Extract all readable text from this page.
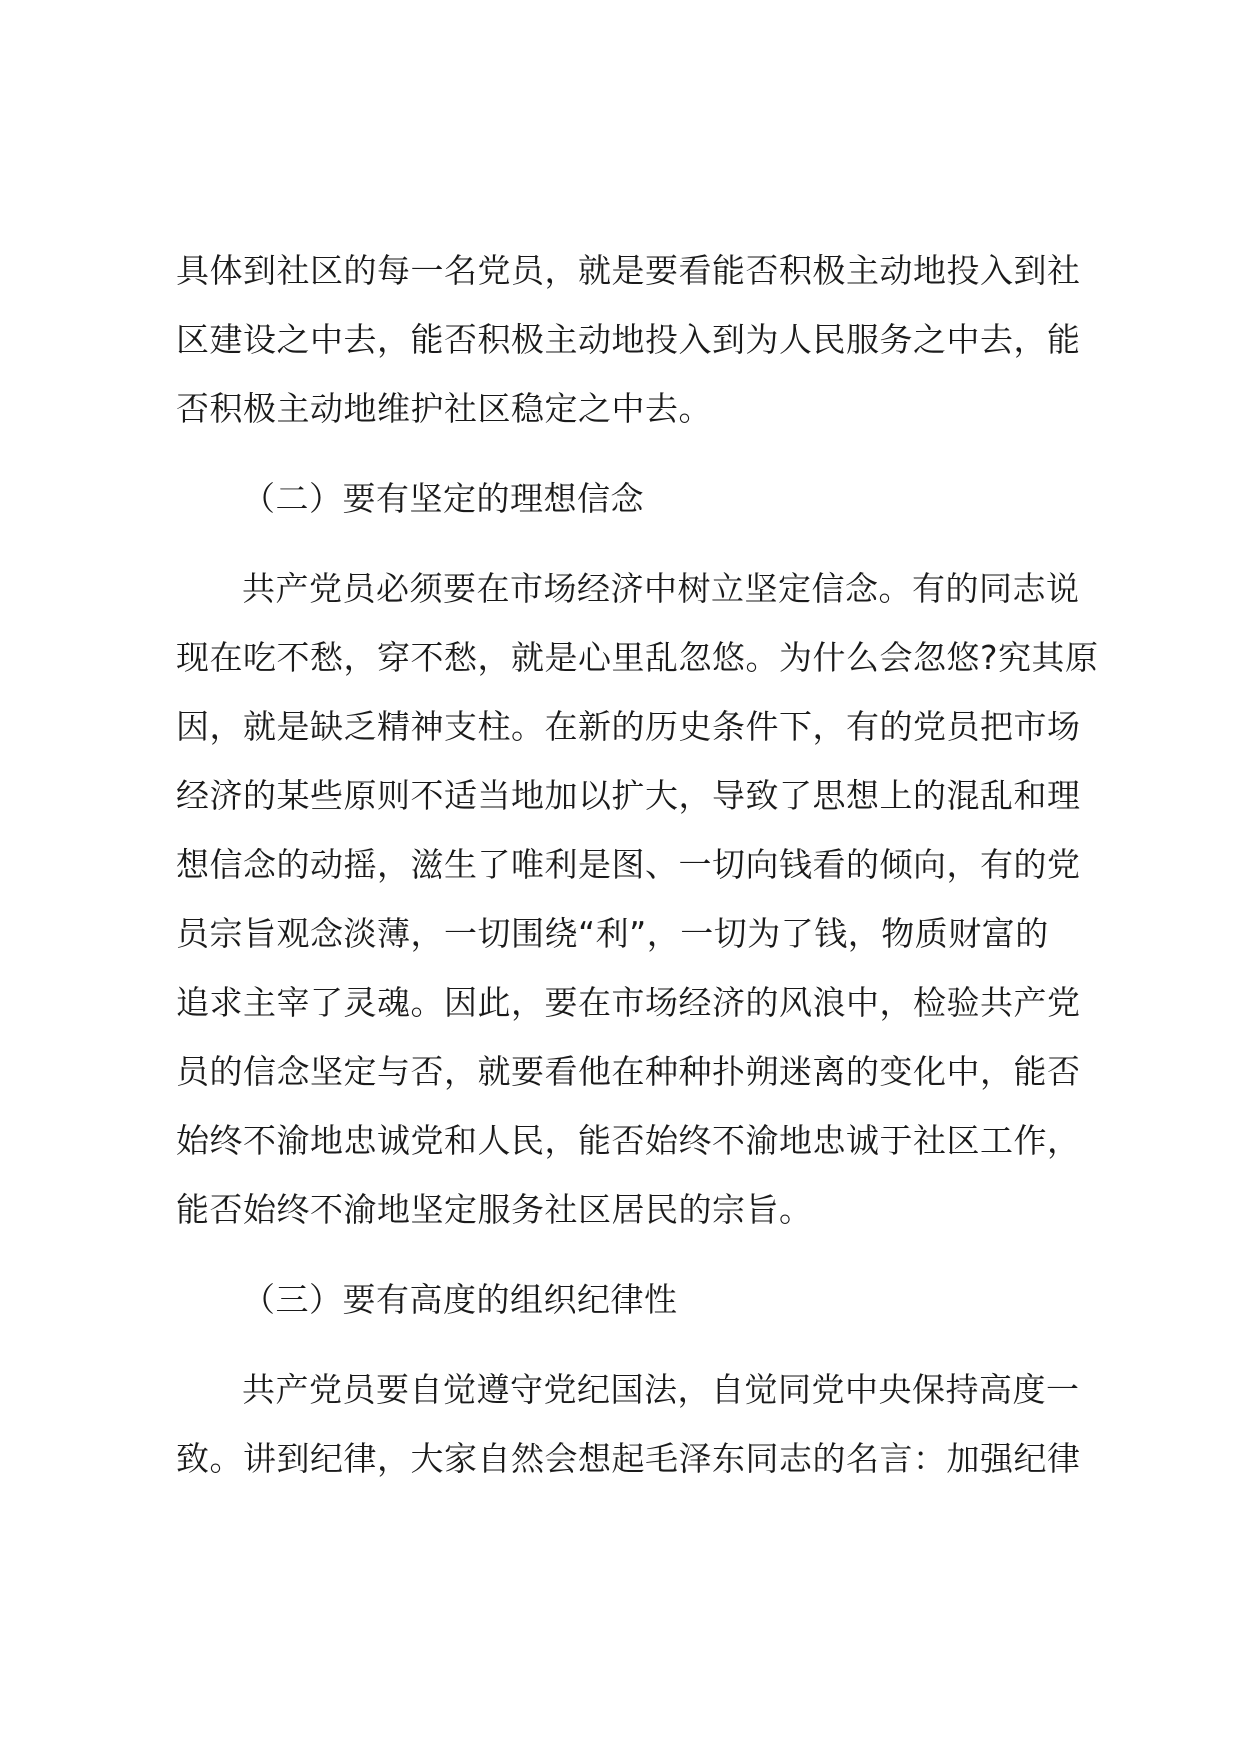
具体到社区的每一名党员，就是要看能否积极主动地投入到社
区建设之中去，能否积极主动地投入到为人民服务之中去，能
否积极主动地维护社区稳定之中去。

（二）要有坚定的理想信念

共产党员必须要在市场经济中树立坚定信念。有的同志说
现在吃不愁，穿不愁，就是心里乱忽悠。为什么会忽悠?究其原
因，就是缺乏精神支柱。在新的历史条件下，有的党员把市场
经济的某些原则不适当地加以扩大，导致了思想上的混乱和理
想信念的动摇，滋生了唯利是图、一切向钱看的倾向，有的党
员宗旨观念淡薄，一切围绕“利”，一切为了钱，物质财富的
追求主宰了灵魂。因此，要在市场经济的风浪中，检验共产党
员的信念坚定与否，就要看他在种种扑朔迷离的变化中，能否
始终不渝地忠诚党和人民，能否始终不渝地忠诚于社区工作，
能否始终不渝地坚定服务社区居民的宗旨。

（三）要有高度的组织纪律性

共产党员要自觉遵守党纪国法，自觉同党中央保持高度一
致。讲到纪律，大家自然会想起毛泽东同志的名言：加强纪律
